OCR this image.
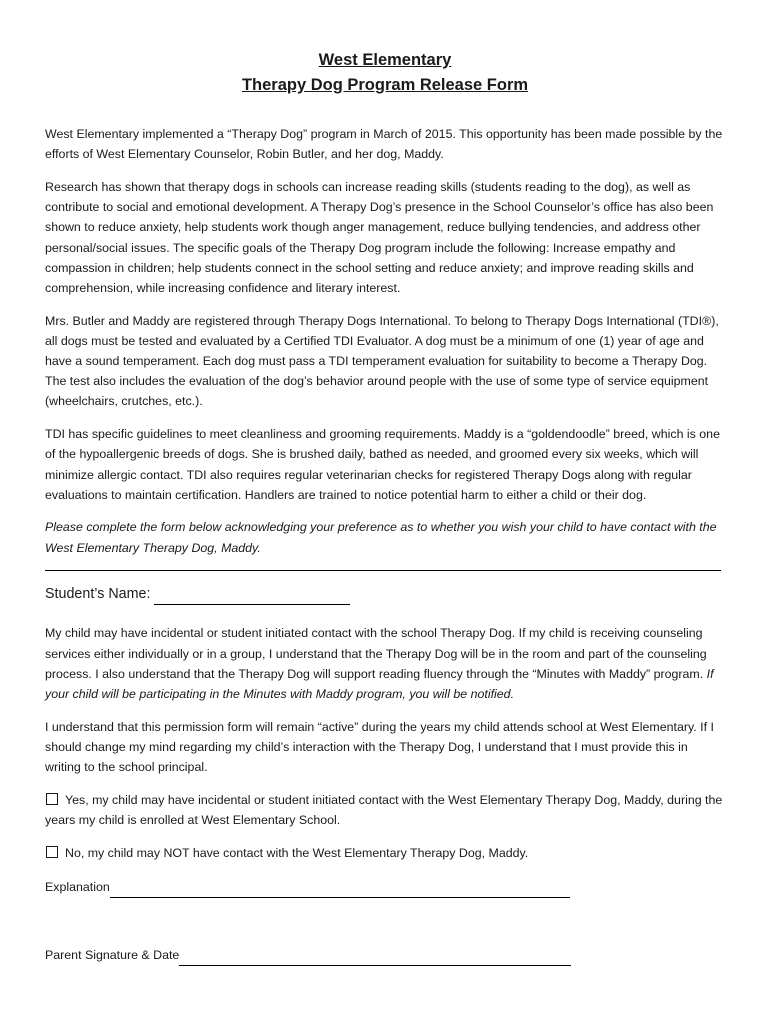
West Elementary
Therapy Dog Program Release Form

West Elementary implemented a “Therapy Dog” program in March of 2015. This opportunity has been made possible by the efforts of West Elementary Counselor, Robin Butler, and her dog, Maddy.

Research has shown that therapy dogs in schools can increase reading skills (students reading to the dog), as well as contribute to social and emotional development. A Therapy Dog’s presence in the School Counselor’s office has also been shown to reduce anxiety, help students work though anger management, reduce bullying tendencies, and address other personal/social issues. The specific goals of the Therapy Dog program include the following: Increase empathy and compassion in children; help students connect in the school setting and reduce anxiety; and improve reading skills and comprehension, while increasing confidence and literary interest.

Mrs. Butler and Maddy are registered through Therapy Dogs International. To belong to Therapy Dogs International (TDI®), all dogs must be tested and evaluated by a Certified TDI Evaluator. A dog must be a minimum of one (1) year of age and have a sound temperament. Each dog must pass a TDI temperament evaluation for suitability to become a Therapy Dog. The test also includes the evaluation of the dog’s behavior around people with the use of some type of service equipment (wheelchairs, crutches, etc.).

TDI has specific guidelines to meet cleanliness and grooming requirements. Maddy is a “goldendoodle” breed, which is one of the hypoallergenic breeds of dogs. She is brushed daily, bathed as needed, and groomed every six weeks, which will minimize allergic contact. TDI also requires regular veterinarian checks for registered Therapy Dogs along with regular evaluations to maintain certification. Handlers are trained to notice potential harm to either a child or their dog.

Please complete the form below acknowledging your preference as to whether you wish your child to have contact with the West Elementary Therapy Dog, Maddy.

Student’s Name:

My child may have incidental or student initiated contact with the school Therapy Dog. If my child is receiving counseling services either individually or in a group, I understand that the Therapy Dog will be in the room and part of the counseling process. I also understand that the Therapy Dog will support reading fluency through the “Minutes with Maddy” program. If your child will be participating in the Minutes with Maddy program, you will be notified.

I understand that this permission form will remain “active” during the years my child attends school at West Elementary. If I should change my mind regarding my child’s interaction with the Therapy Dog, I understand that I must provide this in writing to the school principal.

Yes, my child may have incidental or student initiated contact with the West Elementary Therapy Dog, Maddy, during the years my child is enrolled at West Elementary School.

No, my child may NOT have contact with the West Elementary Therapy Dog, Maddy.

Explanation
Parent Signature & Date
